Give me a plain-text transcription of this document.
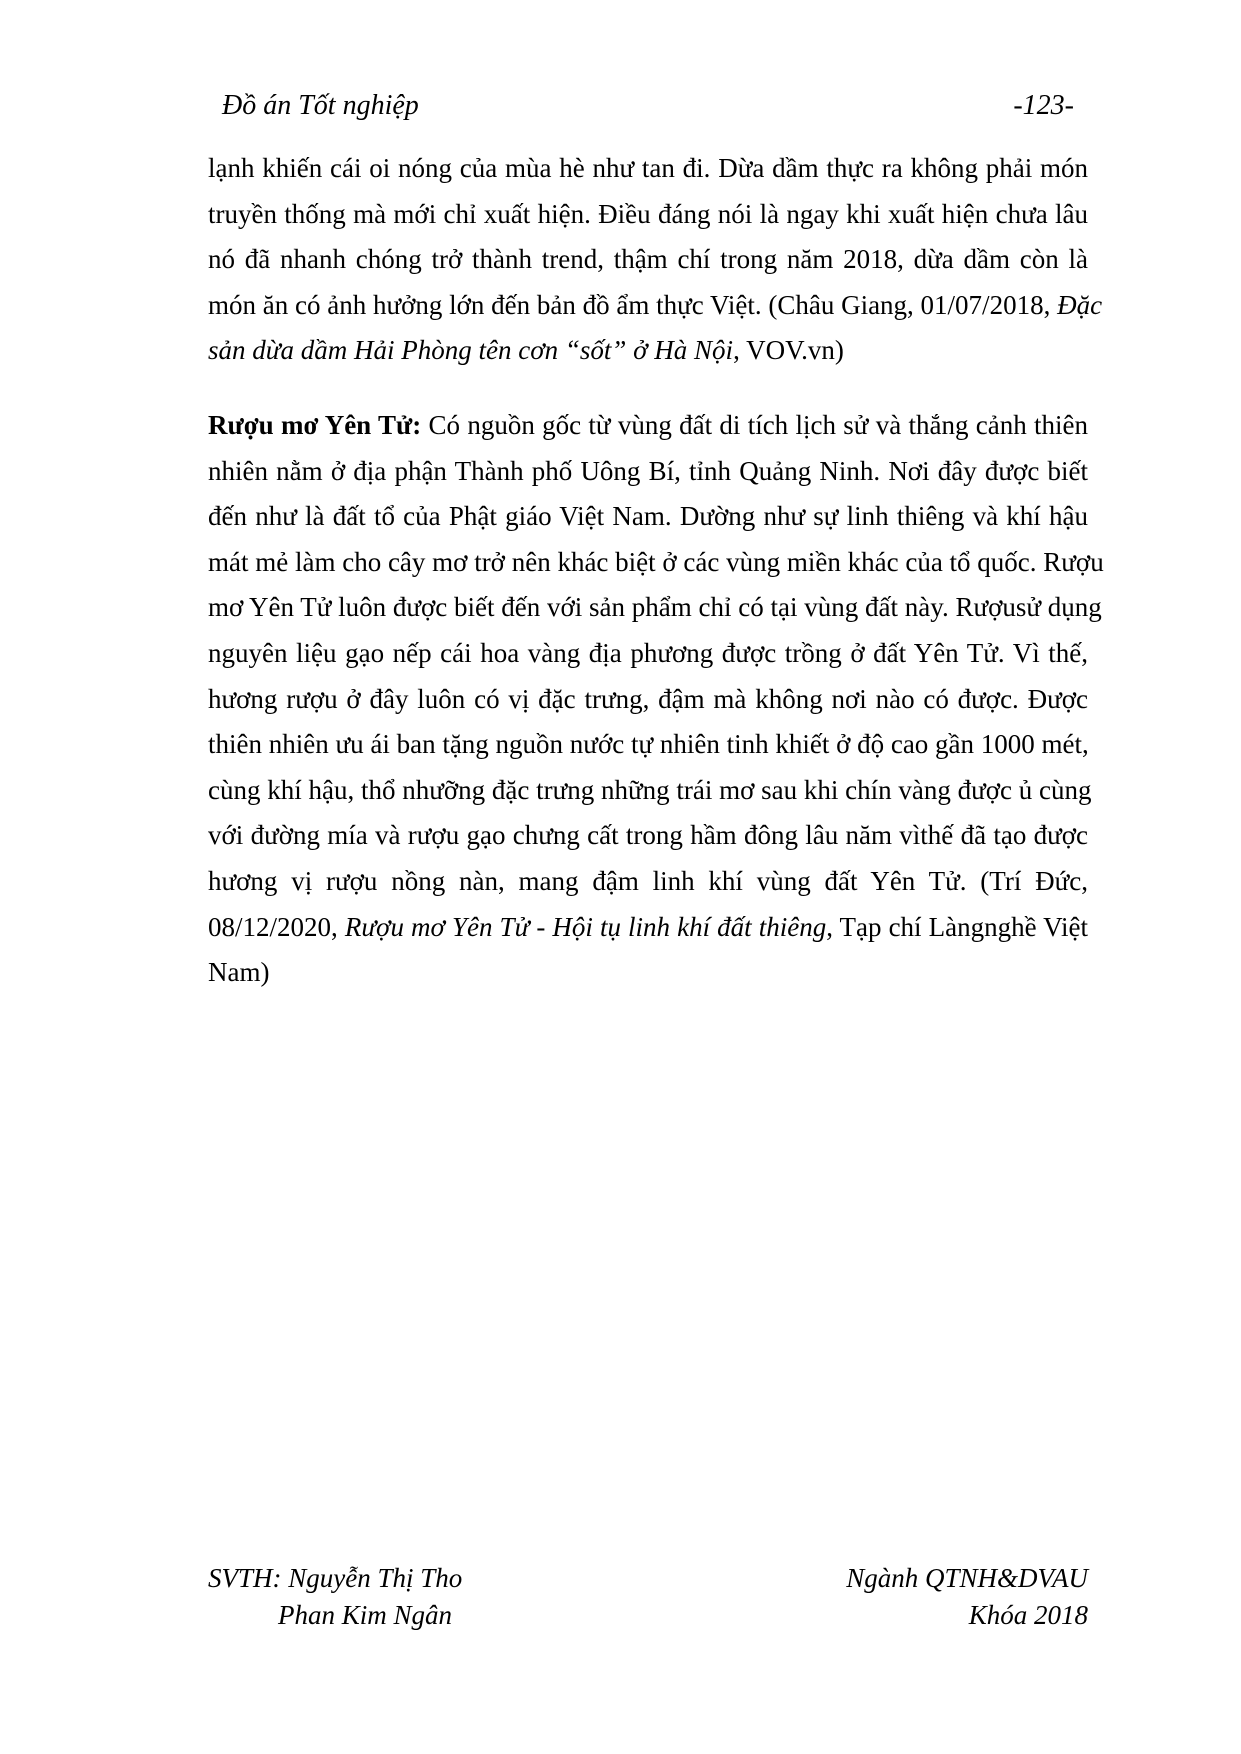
Đồ án Tốt nghiệp	-123-
lạnh khiến cái oi nóng của mùa hè như tan đi. Dừa dầm thực ra không phải món
truyền thống mà mới chỉ xuất hiện. Điều đáng nói là ngay khi xuất hiện chưa lâu
nó đã nhanh chóng trở thành trend, thậm chí trong năm 2018, dừa dầm còn là
món ăn có ảnh hưởng lớn đến bản đồ ẩm thực Việt. (Châu Giang, 01/07/2018, Đặc
sản dừa dầm Hải Phòng tên cơn “sốt” ở Hà Nội, VOV.vn)
Rượu mơ Yên Tử: Có nguồn gốc từ vùng đất di tích lịch sử và thắng cảnh thiên
nhiên nằm ở địa phận Thành phố Uông Bí, tỉnh Quảng Ninh. Nơi đây được biết
đến như là đất tổ của Phật giáo Việt Nam. Dường như sự linh thiêng và khí hậu
mát mẻ làm cho cây mơ trở nên khác biệt ở các vùng miền khác của tổ quốc. Rượu
mơ Yên Tử luôn được biết đến với sản phẩm chỉ có tại vùng đất này. Rượusử dụng
nguyên liệu gạo nếp cái hoa vàng địa phương được trồng ở đất Yên Tử. Vì thế,
hương rượu ở đây luôn có vị đặc trưng, đậm mà không nơi nào có được. Được
thiên nhiên ưu ái ban tặng nguồn nước tự nhiên tinh khiết ở độ cao gần 1000 mét,
cùng khí hậu, thổ nhưỡng đặc trưng những trái mơ sau khi chín vàng được ủ cùng
với đường mía và rượu gạo chưng cất trong hầm đông lâu năm vìthế đã tạo được
hương vị rượu nồng nàn, mang đậm linh khí vùng đất Yên Tử. (Trí Đức,
08/12/2020, Rượu mơ Yên Tử - Hội tụ linh khí đất thiêng, Tạp chí Làngnghề Việt
Nam)
SVTH: Nguyễn Thị Tho
Phan Kim Ngân
Ngành QTNH&DVAU
Khóa 2018
